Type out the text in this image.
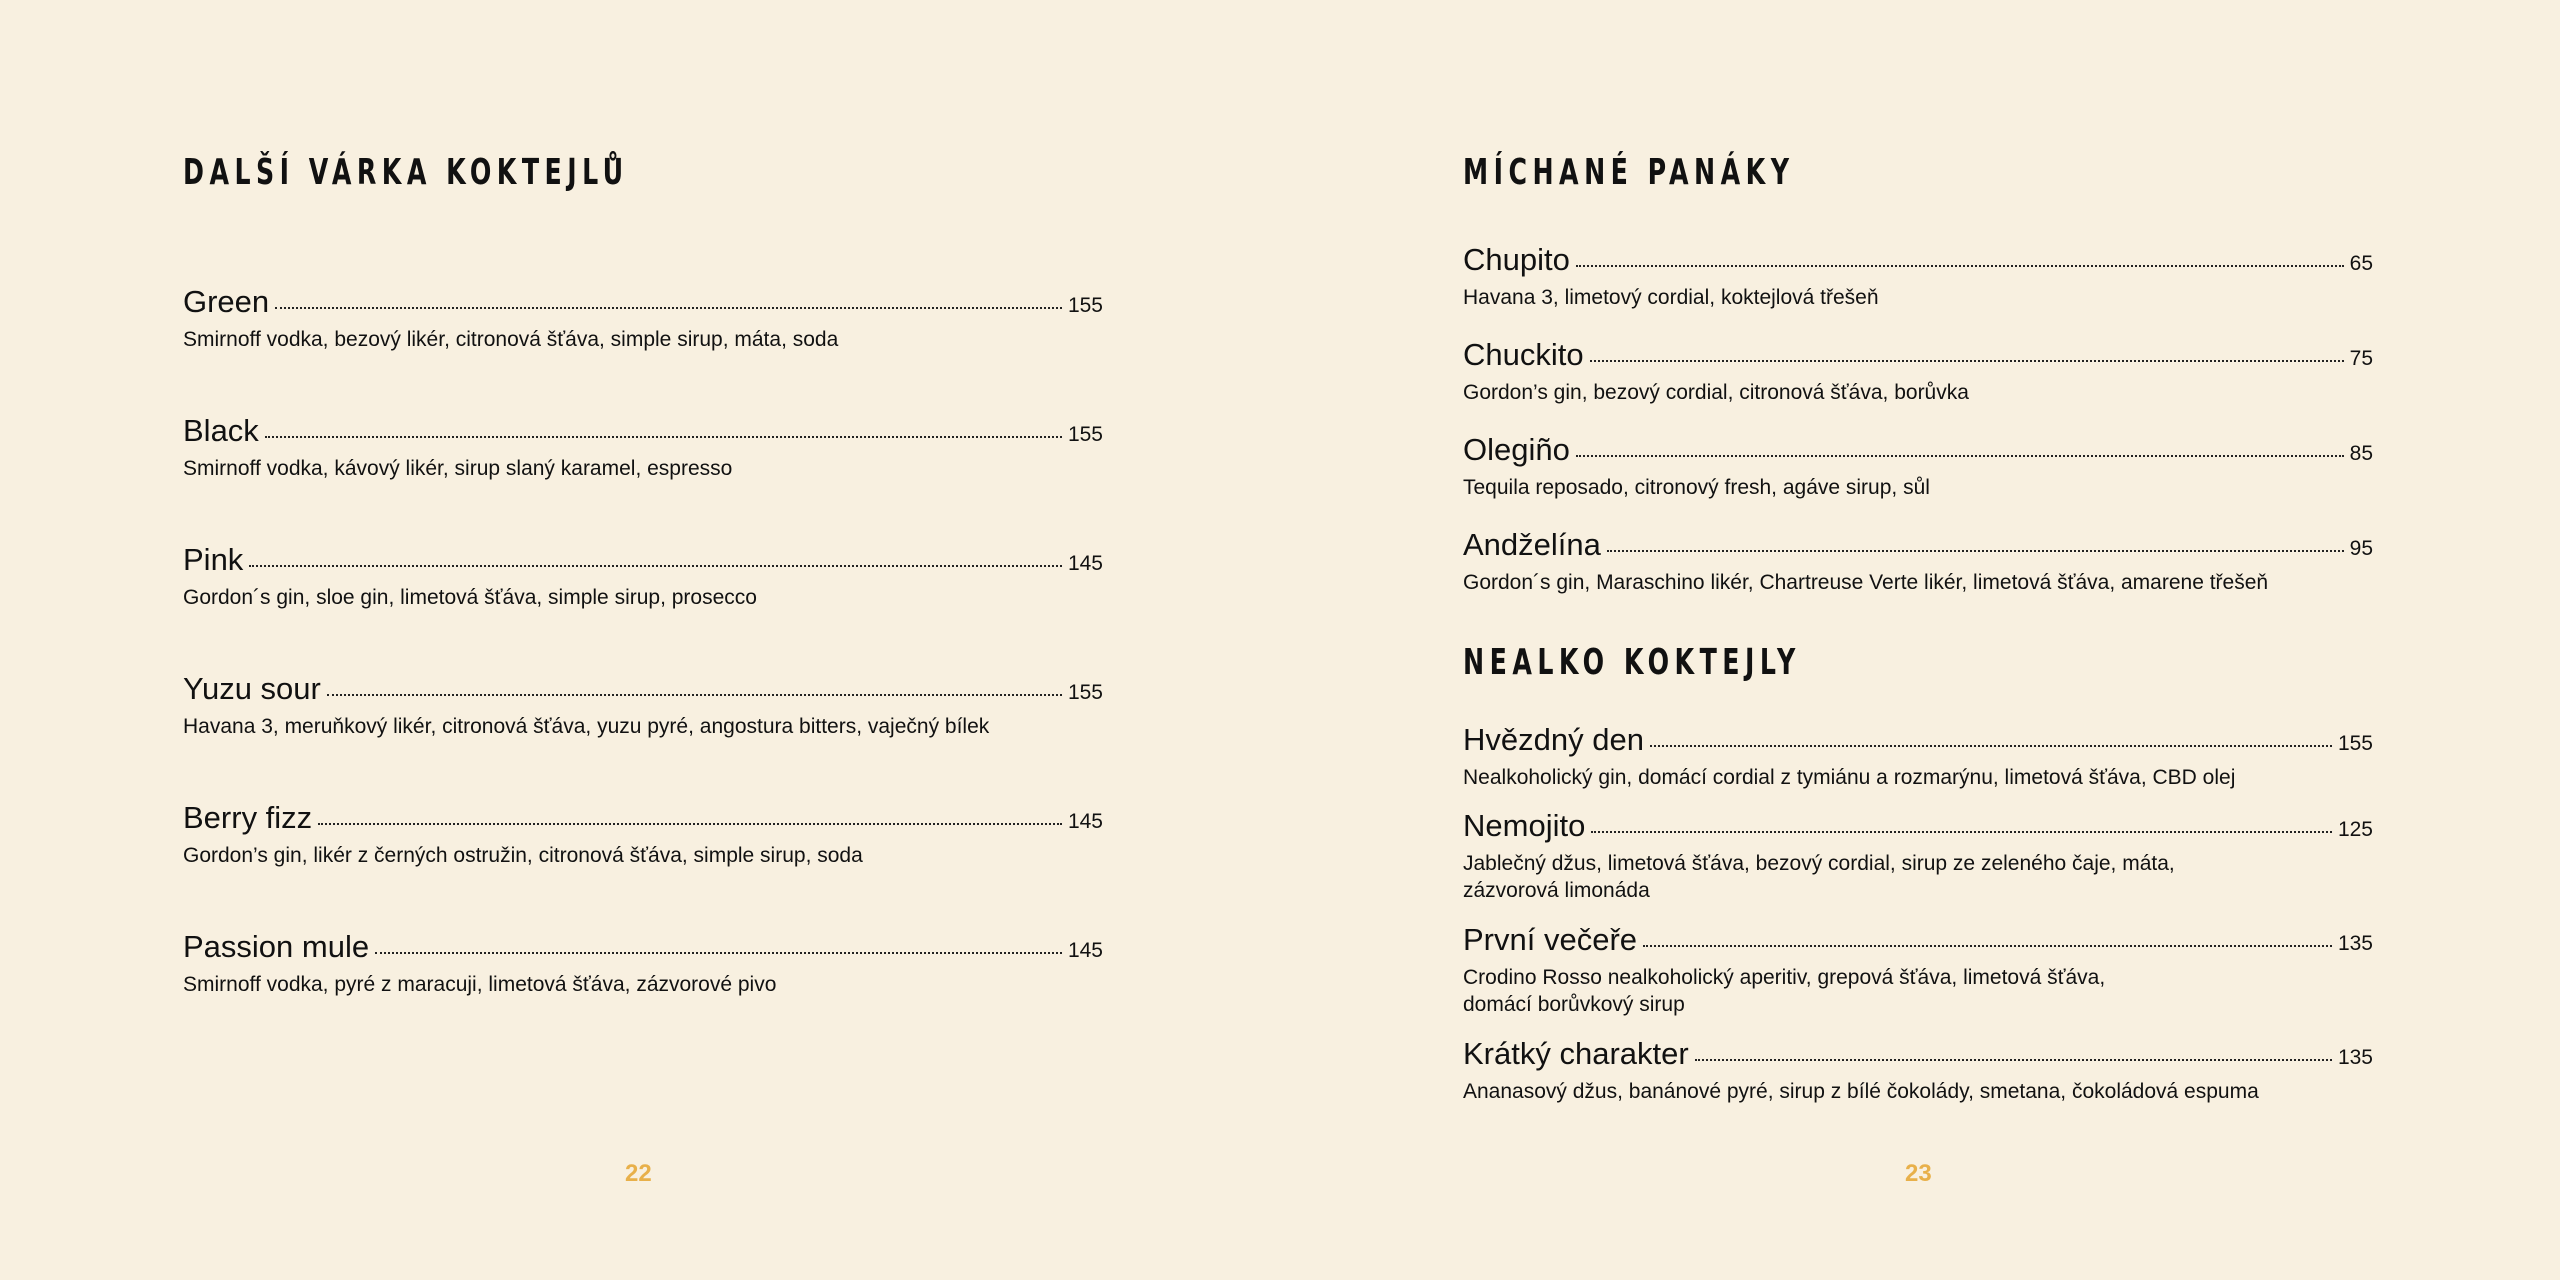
DALŠÍ VÁRKA KOKTEJLŮ
Green	155
Smirnoff vodka, bezový likér, citronová šťáva, simple sirup, máta, soda
Black	155
Smirnoff vodka, kávový likér, sirup slaný karamel, espresso
Pink	145
Gordon´s gin, sloe gin, limetová šťáva, simple sirup, prosecco
Yuzu sour	155
Havana 3, meruňkový likér, citronová šťáva, yuzu pyré, angostura bitters, vaječný bílek
Berry fizz	145
Gordon’s gin, likér z černých ostružin, citronová šťáva, simple sirup, soda
Passion mule	145
Smirnoff vodka, pyré z maracuji, limetová šťáva, zázvorové pivo
22
MÍCHANÉ PANÁKY
Chupito	65
Havana 3, limetový cordial, koktejlová třešeň
Chuckito	75
Gordon’s gin, bezový cordial, citronová šťáva, borůvka
Olegiño	85
Tequila reposado, citronový fresh, agáve sirup, sůl
Andželína	95
Gordon´s gin, Maraschino likér, Chartreuse Verte likér, limetová šťáva, amarene třešeň
NEALKO KOKTEJLY
Hvězdný den	155
Nealkoholický gin, domácí cordial z tymiánu a rozmarýnu, limetová šťáva, CBD olej
Nemojito	125
Jablečný džus, limetová šťáva, bezový cordial, sirup ze zeleného čaje, máta,
zázvorová limonáda
První večeře	135
Crodino Rosso nealkoholický aperitiv, grepová šťáva, limetová šťáva,
domácí borůvkový sirup
Krátký charakter	135
Ananasový džus, banánové pyré, sirup z bílé čokolády, smetana, čokoládová espuma
23
